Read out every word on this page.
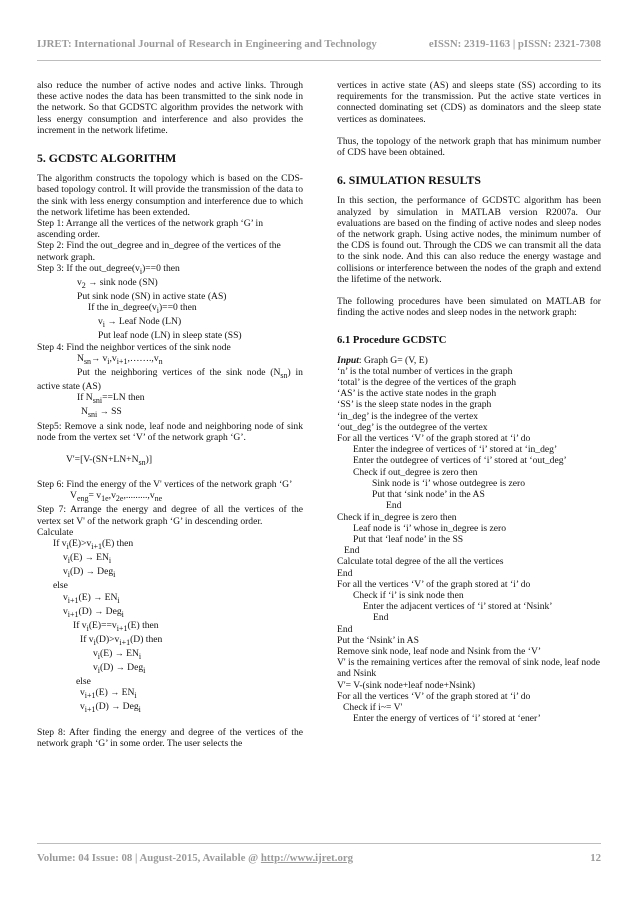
IJRET: International Journal of Research in Engineering and Technology	eISSN: 2319-1163 | pISSN: 2321-7308

also reduce the number of active nodes and active links. Through these active nodes the data has been transmitted to the sink node in the network. So that GCDSTC algorithm provides the network with less energy consumption and interference and also provides the increment in the network lifetime.

5. GCDSTC ALGORITHM

The algorithm constructs the topology which is based on the CDS- based topology control. It will provide the transmission of the data to the sink with less energy consumption and interference due to which the network lifetime has been extended.

Step 1: Arrange all the vertices of the network graph ‘G’ in ascending order.

Step 2: Find the out_degree and in_degree of the vertices of the network graph.

Step 3: If the $out\_degree(v_i)==0$ then

$v_2 \to \sin k$ node (SN)

Put sink node (SN) in active state (AS)

If the $in\_degree(v_i)==0$ then

$v_i$ → Leaf Node (LN)

Put leaf node (LN) in sleep state (SS)

Step 4: Find the neighbor vertices of the sink node

$N_{sn}\to$ $v_i,v_{i+1},\dots\dots.,v_n$

Put the neighboring vertices of the sink node $(N_{sn})$ in active state (AS)

If $N_{sni}==LN$ then

$N_{sni}$ → SS

Step5: Remove a sink node, leaf node and neighboring node of sink node from the vertex set ‘V’ of the network graph ‘G’.

$V'=[V-(SN+LN+N_{sn})]$

Step 6: Find the energy of the V' vertices of the network graph ‘G’

$V_{eng}= v_{1e},v_{2e},.........,v_{ne}$

Step 7: Arrange the energy and degree of all the vertices of the vertex set V' of the network graph ‘G’ in descending order.

Calculate

If $v_i(E)>v_{i+1}(E)$ then

$v_i(E) \to EN_i$

$v_i(D) \to Deg_i$

else

$v_{i+1}(E) \to EN_i$

$v_{i+1}(D) \to Deg_i$

If $v_i(E)==v_{i+1}(E)$ then

If $v_i(D)>v_{i+1}(D)$ then

$v_i(E) \to EN_i$

$v_i(D) \to Deg_i$

else

$v_{i+1}(E) \to EN_i$

$v_{i+1}(D) \to Deg_i$

Step 8: After finding the energy and degree of the vertices of the network graph ‘G’ in some order. The user selects the

vertices in active state (AS) and sleeps state (SS) according to its requirements for the transmission. Put the active state vertices in connected dominating set (CDS) as dominators and the sleep state vertices as dominatees.

Thus, the topology of the network graph that has minimum number of CDS have been obtained.

6. SIMULATION RESULTS

In this section, the performance of GCDSTC algorithm has been analyzed by simulation in MATLAB version R2007a. Our evaluations are based on the finding of active nodes and sleep nodes of the network graph. Using active nodes, the minimum number of the CDS is found out. Through the CDS we can transmit all the data to the sink node. And this can also reduce the energy wastage and collisions or interference between the nodes of the graph and extend the lifetime of the network.

The following procedures have been simulated on MATLAB for finding the active nodes and sleep nodes in the network graph:

6.1 Procedure GCDSTC

Input: Graph G= (V, E)

‘n’ is the total number of vertices in the graph

‘total’ is the degree of the vertices of the graph

‘AS’ is the active state nodes in the graph

‘SS’ is the sleep state nodes in the graph

‘in_deg’ is the indegree of the vertex

‘out_deg’ is the outdegree of the vertex

For all the vertices ‘V’ of the graph stored at ‘i’ do

Enter the indegree of vertices of ‘i’ stored at ‘in_deg’

Enter the outdegree of vertices of ‘i’ stored at ‘out_deg’

Check if out_degree is zero then

Sink node is ‘i’ whose outdegree is zero

Put that ‘sink node’ in the AS

End

Check if in_degree is zero then

Leaf node is ‘i’ whose in_degree is zero

Put that ‘leaf node’ in the SS

End

Calculate total degree of the all the vertices

End

For all the vertices ‘V’ of the graph stored at ‘i’ do

Check if ‘i’ is sink node then

Enter the adjacent vertices of ‘i’ stored at ‘Nsink’

End

End

Put the ‘Nsink’ in AS

Remove sink node, leaf node and Nsink from the ‘V’

V' is the remaining vertices after the removal of sink node, leaf node and Nsink

V'= V-(sink node+leaf node+Nsink)

For all the vertices ‘V’ of the graph stored at ‘i’ do

Check if i~= V'

Enter the energy of vertices of ‘i’ stored at ‘ener’

Volume: 04 Issue: 08 | August-2015, Available @ http://www.ijret.org	12
